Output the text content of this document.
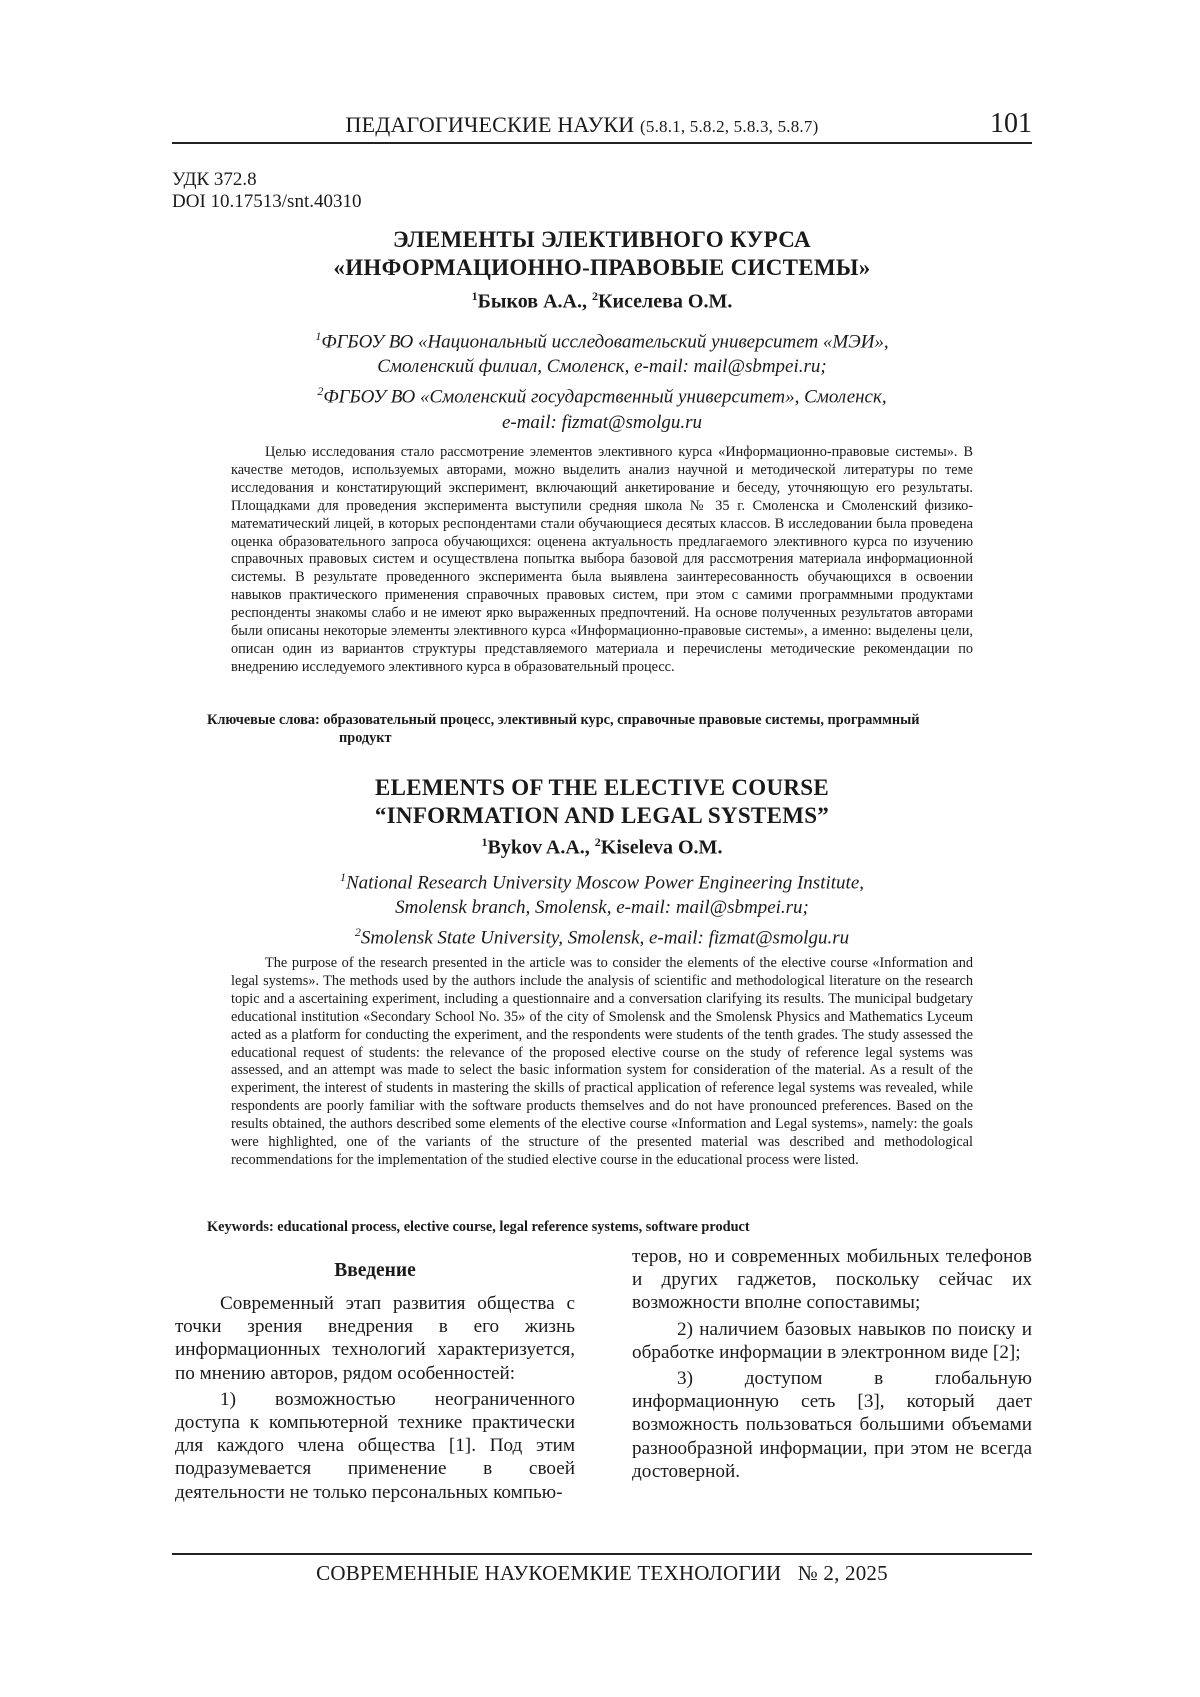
ПЕДАГОГИЧЕСКИЕ НАУКИ (5.8.1, 5.8.2, 5.8.3, 5.8.7)	101
УДК 372.8
DOI 10.17513/snt.40310
ЭЛЕМЕНТЫ ЭЛЕКТИВНОГО КУРСА
«ИНФОРМАЦИОННО-ПРАВОВЫЕ СИСТЕМЫ»
$^1$Быков А.А., $^2$Киселева О.М.
$^1$ФГБОУ ВО «Национальный исследовательский университет «МЭИ»,
Смоленский филиал, Смоленск, e-mail: mail@sbmpei.ru;
$^2$ФГБОУ ВО «Смоленский государственный университет», Смоленск,
e-mail: fizmat@smolgu.ru
Целью исследования стало рассмотрение элементов элективного курса «Информационно-правовые системы». В качестве методов, используемых авторами, можно выделить анализ научной и методической литературы по теме исследования и констатирующий эксперимент, включающий анкетирование и беседу, уточняющую его результаты. Площадками для проведения эксперимента выступили средняя школа № 35 г. Смоленска и Смоленский физико-математический лицей, в которых респондентами стали обучающиеся десятых классов. В исследовании была проведена оценка образовательного запроса обучающихся: оценена актуальность предлагаемого элективного курса по изучению справочных правовых систем и осуществлена попытка выбора базовой для рассмотрения материала информационной системы. В результате проведенного эксперимента была выявлена заинтересованность обучающихся в освоении навыков практического применения справочных правовых систем, при этом с самими программными продуктами респонденты знакомы слабо и не имеют ярко выраженных предпочтений. На основе полученных результатов авторами были описаны некоторые элементы элективного курса «Информационно-правовые системы», а именно: выделены цели, описан один из вариантов структуры представляемого материала и перечислены методические рекомендации по внедрению исследуемого элективного курса в образовательный процесс.
Ключевые слова: образовательный процесс, элективный курс, справочные правовые системы, программный
продукт
ELEMENTS OF THE ELECTIVE COURSE
“INFORMATION AND LEGAL SYSTEMS”
$^1$Bykov A.A., $^2$Kiseleva O.M.
$^1$National Research University Moscow Power Engineering Institute,
Smolensk branch, Smolensk, e-mail: mail@sbmpei.ru;
$^2$Smolensk State University, Smolensk, e-mail: fizmat@smolgu.ru
The purpose of the research presented in the article was to consider the elements of the elective course «Information and legal systems». The methods used by the authors include the analysis of scientific and methodological literature on the research topic and a ascertaining experiment, including a questionnaire and a conversation clarifying its results. The municipal budgetary educational institution «Secondary School No. 35» of the city of Smolensk and the Smolensk Physics and Mathematics Lyceum acted as a platform for conducting the experiment, and the respondents were students of the tenth grades. The study assessed the educational request of students: the relevance of the proposed elective course on the study of reference legal systems was assessed, and an attempt was made to select the basic information system for consideration of the material. As a result of the experiment, the interest of students in mastering the skills of practical application of reference legal systems was revealed, while respondents are poorly familiar with the software products themselves and do not have pronounced preferences. Based on the results obtained, the authors described some elements of the elective course «Information and Legal systems», namely: the goals were highlighted, one of the variants of the structure of the presented material was described and methodological recommendations for the implementation of the studied elective course in the educational process were listed.
Keywords: educational process, elective course, legal reference systems, software product
Введение

Современный этап развития общества с точки зрения внедрения в его жизнь информационных технологий характеризуется, по мнению авторов, рядом особенностей:

1) возможностью неограниченного доступа к компьютерной технике практически для каждого члена общества [1]. Под этим подразумевается применение в своей деятельности не только персональных компью-

теров, но и современных мобильных телефонов и других гаджетов, поскольку сейчас их возможности вполне сопоставимы;

2) наличием базовых навыков по поиску и обработке информации в электронном виде [2];

3) доступом в глобальную информационную сеть [3], который дает возможность пользоваться большими объемами разнообразной информации, при этом не всегда достоверной.

СОВРЕМЕННЫЕ НАУКОЕМКИЕ ТЕХНОЛОГИИ № 2, 2025
